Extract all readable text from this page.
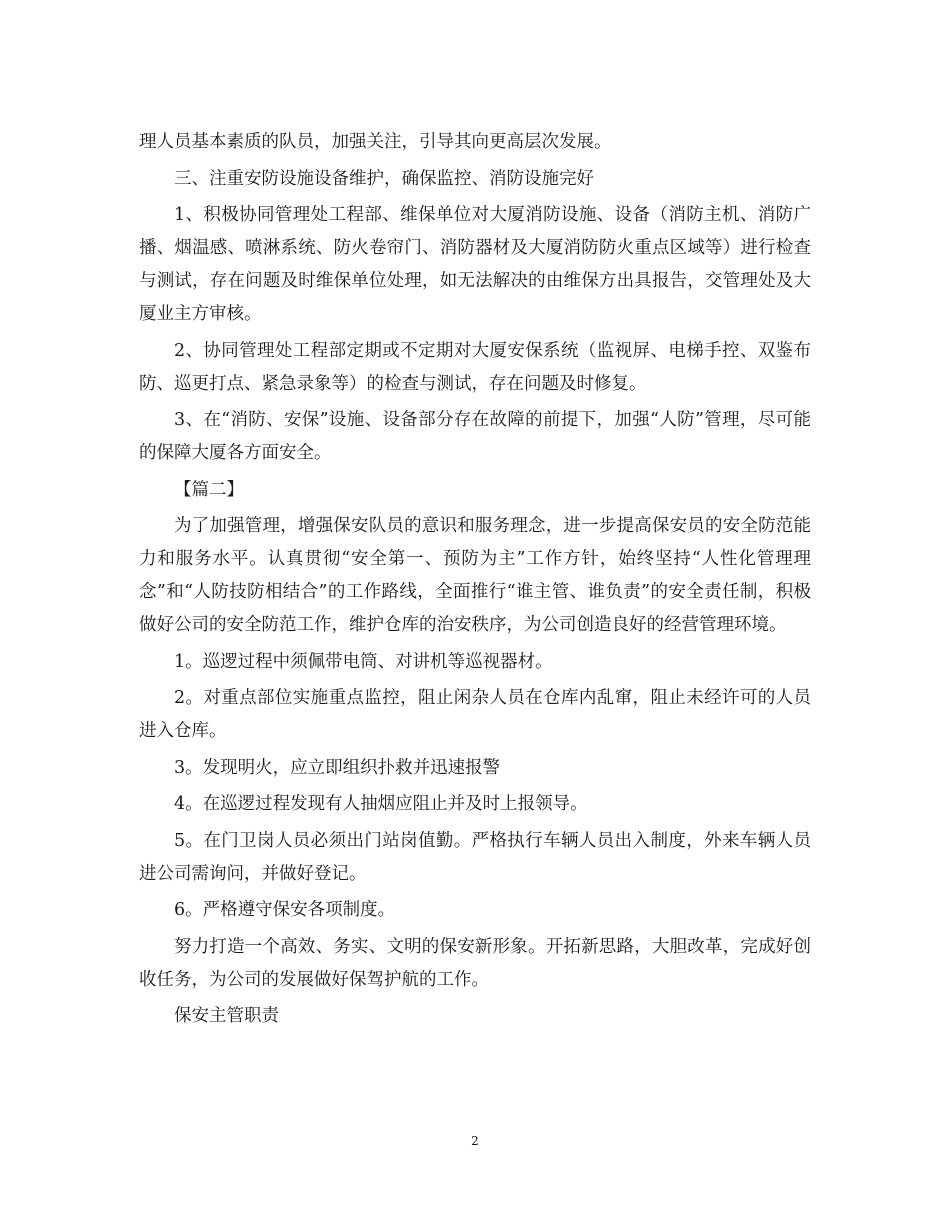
理人员基本素质的队员，加强关注，引导其向更高层次发展。

三、注重安防设施设备维护，确保监控、消防设施完好

1、积极协同管理处工程部、维保单位对大厦消防设施、设备（消防主机、消防广播、烟温感、喷淋系统、防火卷帘门、消防器材及大厦消防防火重点区域等）进行检查与测试，存在问题及时维保单位处理，如无法解决的由维保方出具报告，交管理处及大厦业主方审核。

2、协同管理处工程部定期或不定期对大厦安保系统（监视屏、电梯手控、双鉴布防、巡更打点、紧急录象等）的检查与测试，存在问题及时修复。

3、在“消防、安保”设施、设备部分存在故障的前提下，加强“人防”管理，尽可能的保障大厦各方面安全。

【篇二】

为了加强管理，增强保安队员的意识和服务理念，进一步提高保安员的安全防范能力和服务水平。认真贯彻“安全第一、预防为主”工作方针，始终坚持“人性化管理理念”和“人防技防相结合”的工作路线，全面推行“谁主管、谁负责”的安全责任制，积极做好公司的安全防范工作，维护仓库的治安秩序，为公司创造良好的经营管理环境。

1。巡逻过程中须佩带电筒、对讲机等巡视器材。

2。对重点部位实施重点监控，阻止闲杂人员在仓库内乱窜，阻止未经许可的人员进入仓库。

3。发现明火，应立即组织扑救并迅速报警

4。在巡逻过程发现有人抽烟应阻止并及时上报领导。

5。在门卫岗人员必须出门站岗值勤。严格执行车辆人员出入制度，外来车辆人员进公司需询问，并做好登记。

6。严格遵守保安各项制度。

努力打造一个高效、务实、文明的保安新形象。开拓新思路，大胆改革，完成好创收任务，为公司的发展做好保驾护航的工作。

保安主管职责

2
